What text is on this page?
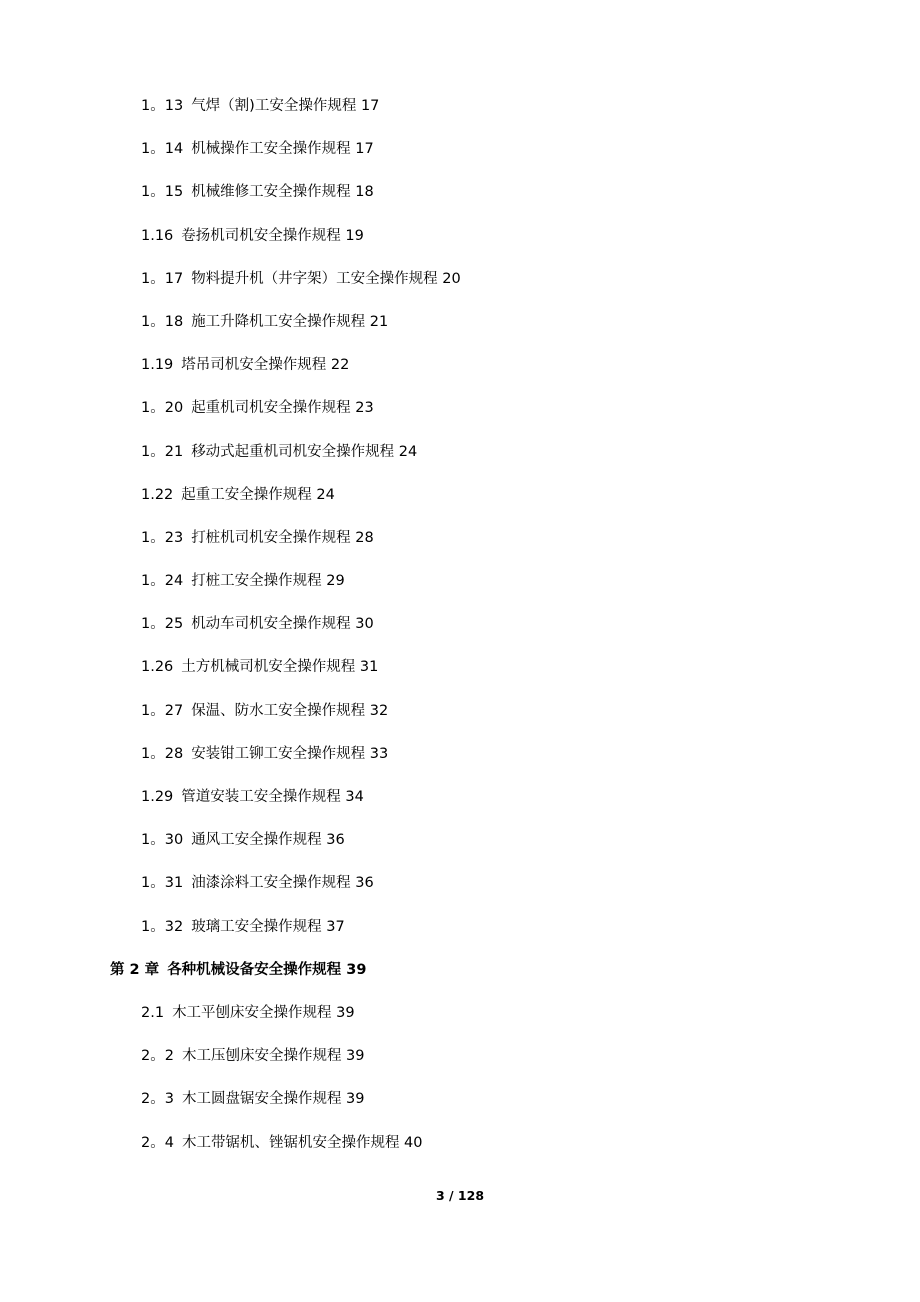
1。13 气焊（割)工安全操作规程 17
1。14 机械操作工安全操作规程 17
1。15 机械维修工安全操作规程 18
1.16 卷扬机司机安全操作规程 19
1。17 物料提升机（井字架）工安全操作规程 20
1。18 施工升降机工安全操作规程 21
1.19 塔吊司机安全操作规程 22
1。20 起重机司机安全操作规程 23
1。21 移动式起重机司机安全操作规程 24
1.22 起重工安全操作规程 24
1。23 打桩机司机安全操作规程 28
1。24 打桩工安全操作规程 29
1。25 机动车司机安全操作规程 30
1.26 土方机械司机安全操作规程 31
1。27 保温、防水工安全操作规程 32
1。28 安装钳工铆工安全操作规程 33
1.29 管道安装工安全操作规程 34
1。30 通风工安全操作规程 36
1。31 油漆涂料工安全操作规程 36
1。32 玻璃工安全操作规程 37
第 2 章 各种机械设备安全操作规程 39
2.1 木工平刨床安全操作规程 39
2。2 木工压刨床安全操作规程 39
2。3 木工圆盘锯安全操作规程 39
2。4 木工带锯机、锉锯机安全操作规程 40
3 / 128
